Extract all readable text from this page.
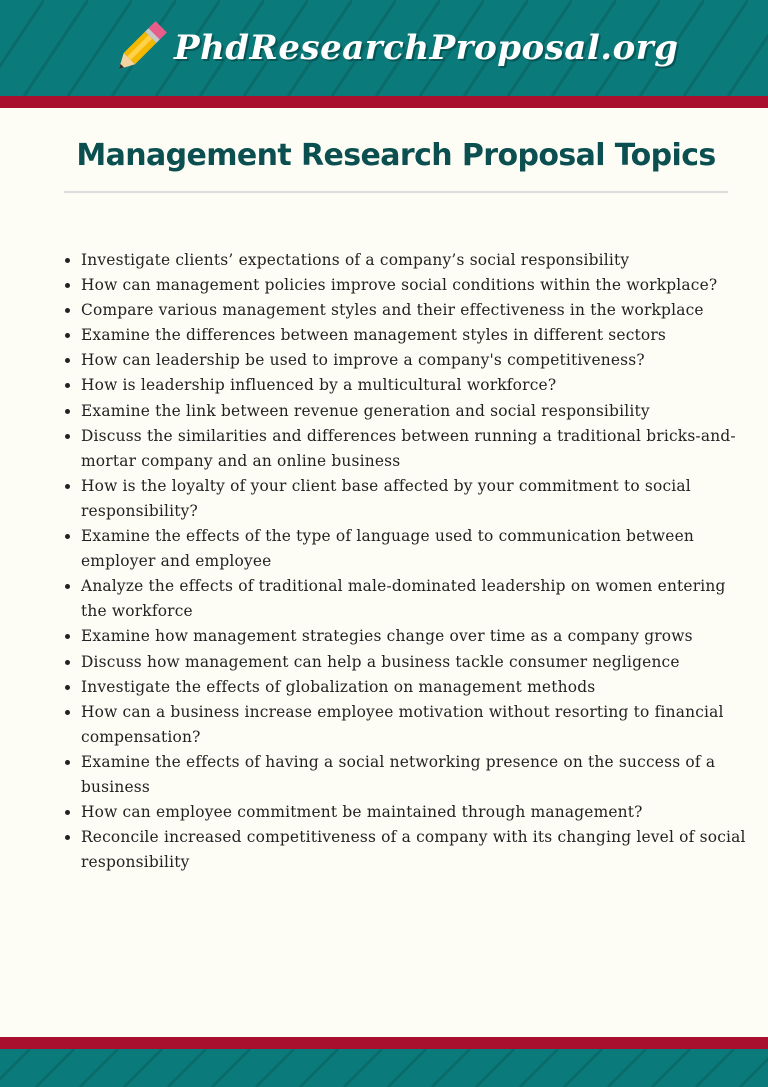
PhdResearchProposal.org
Management Research Proposal Topics
• Investigate clients’ expectations of a company’s social responsibility
• How can management policies improve social conditions within the workplace?
• Compare various management styles and their effectiveness in the workplace
• Examine the differences between management styles in different sectors
• How can leadership be used to improve a company's competitiveness?
• How is leadership influenced by a multicultural workforce?
• Examine the link between revenue generation and social responsibility
• Discuss the similarities and differences between running a traditional bricks-and-mortar company and an online business
• How is the loyalty of your client base affected by your commitment to social responsibility?
• Examine the effects of the type of language used to communication between employer and employee
• Analyze the effects of traditional male-dominated leadership on women entering the workforce
• Examine how management strategies change over time as a company grows
• Discuss how management can help a business tackle consumer negligence
• Investigate the effects of globalization on management methods
• How can a business increase employee motivation without resorting to financial compensation?
• Examine the effects of having a social networking presence on the success of a business
• How can employee commitment be maintained through management?
• Reconcile increased competitiveness of a company with its changing level of social responsibility
